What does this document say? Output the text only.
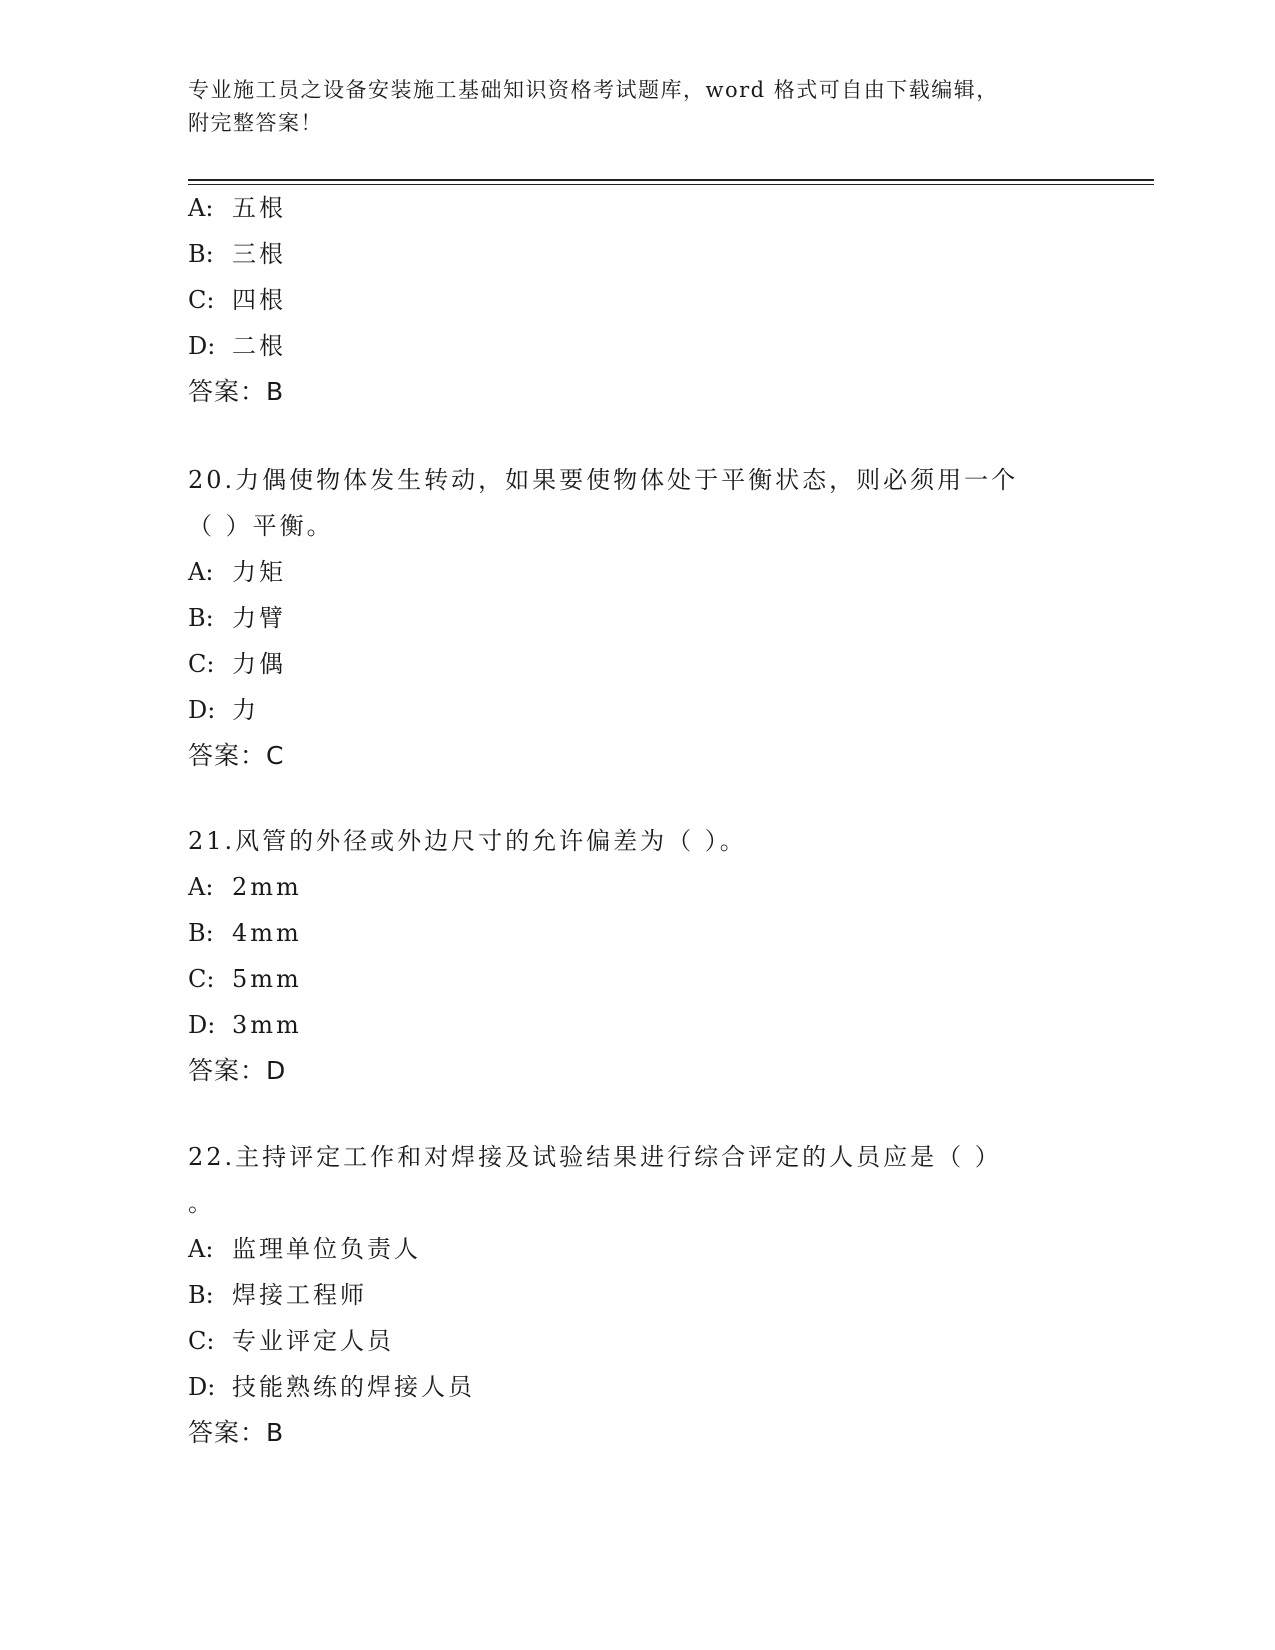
专业施工员之设备安装施工基础知识资格考试题库，word 格式可自由下载编辑，
附完整答案！
A: 五根
B: 三根
C: 四根
D: 二根
答案：B
20.力偶使物体发生转动，如果要使物体处于平衡状态，则必须用一个
（ ）平衡。
A: 力矩
B: 力臂
C: 力偶
D: 力
答案：C
21.风管的外径或外边尺寸的允许偏差为（ ）。
A: 2mm
B: 4mm
C: 5mm
D: 3mm
答案：D
22.主持评定工作和对焊接及试验结果进行综合评定的人员应是（ ）
。
A: 监理单位负责人
B: 焊接工程师
C: 专业评定人员
D: 技能熟练的焊接人员
答案：B
